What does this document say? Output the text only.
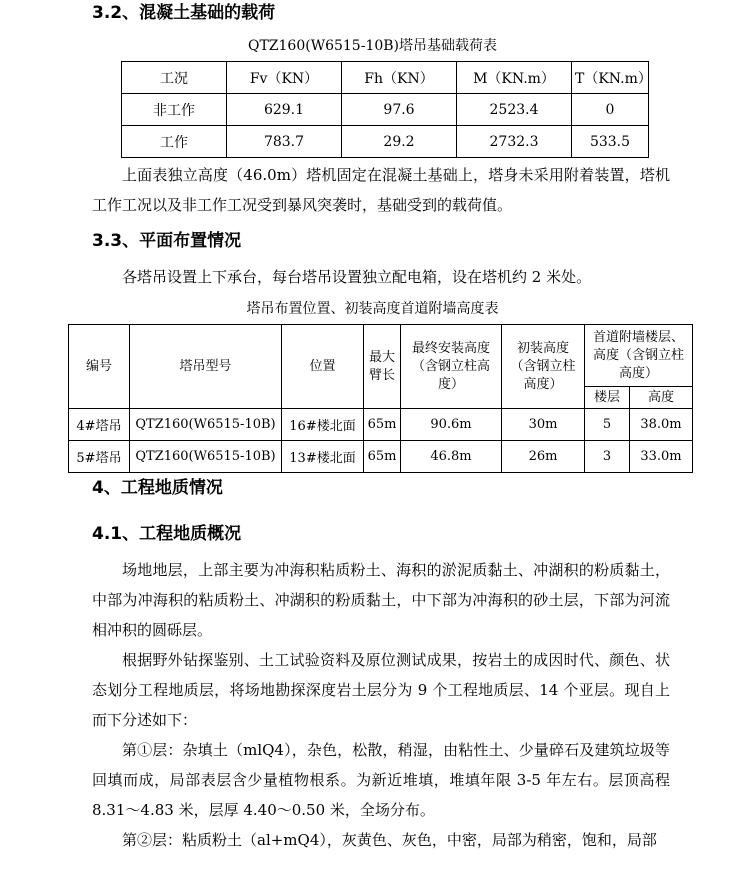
3.2、混凝土基础的载荷
QTZ160(W6515-10B)塔吊基础载荷表
工况	Fv（KN）	Fh（KN）	M（KN.m）	T（KN.m）
非工作	629.1	97.6	2523.4	0
工作	783.7	29.2	2732.3	533.5

上面表独立高度（46.0m）塔机固定在混凝土基础上，塔身未采用附着装置，塔机工作工况以及非工作工况受到暴风突袭时，基础受到的载荷值。

3.3、平面布置情况

各塔吊设置上下承台，每台塔吊设置独立配电箱，设在塔机约 2 米处。

塔吊布置位置、初装高度首道附墙高度表
编号	塔吊型号	位置	最大臂长	最终安装高度（含钢立柱高度）	初装高度（含钢立柱高度）	首道附墙楼层、高度（含钢立柱高度）	
						楼层	高度
4#塔吊	QTZ160(W6515-10B)	16#楼北面	65m	90.6m	30m	5	38.0m
5#塔吊	QTZ160(W6515-10B)	13#楼北面	65m	46.8m	26m	3	33.0m
4、工程地质情况
4.1、工程地质概况

场地地层，上部主要为冲海积粘质粉土、海积的淤泥质黏土、冲湖积的粉质黏土，中部为冲海积的粘质粉土、冲湖积的粉质黏土，中下部为冲海积的砂土层，下部为河流相冲积的圆砾层。

根据野外钻探鉴别、土工试验资料及原位测试成果，按岩土的成因时代、颜色、状态划分工程地质层，将场地勘探深度岩土层分为 9 个工程地质层、14 个亚层。现自上而下分述如下：

第①层：杂填土（mlQ4），杂色，松散，稍湿，由粘性土、少量碎石及建筑垃圾等回填而成，局部表层含少量植物根系。为新近堆填，堆填年限 3-5 年左右。层顶高程 8.31～4.83 米，层厚 4.40～0.50 米，全场分布。

第②层：粘质粉土（al+mQ4），灰黄色、灰色，中密，局部为稍密，饱和，局部
